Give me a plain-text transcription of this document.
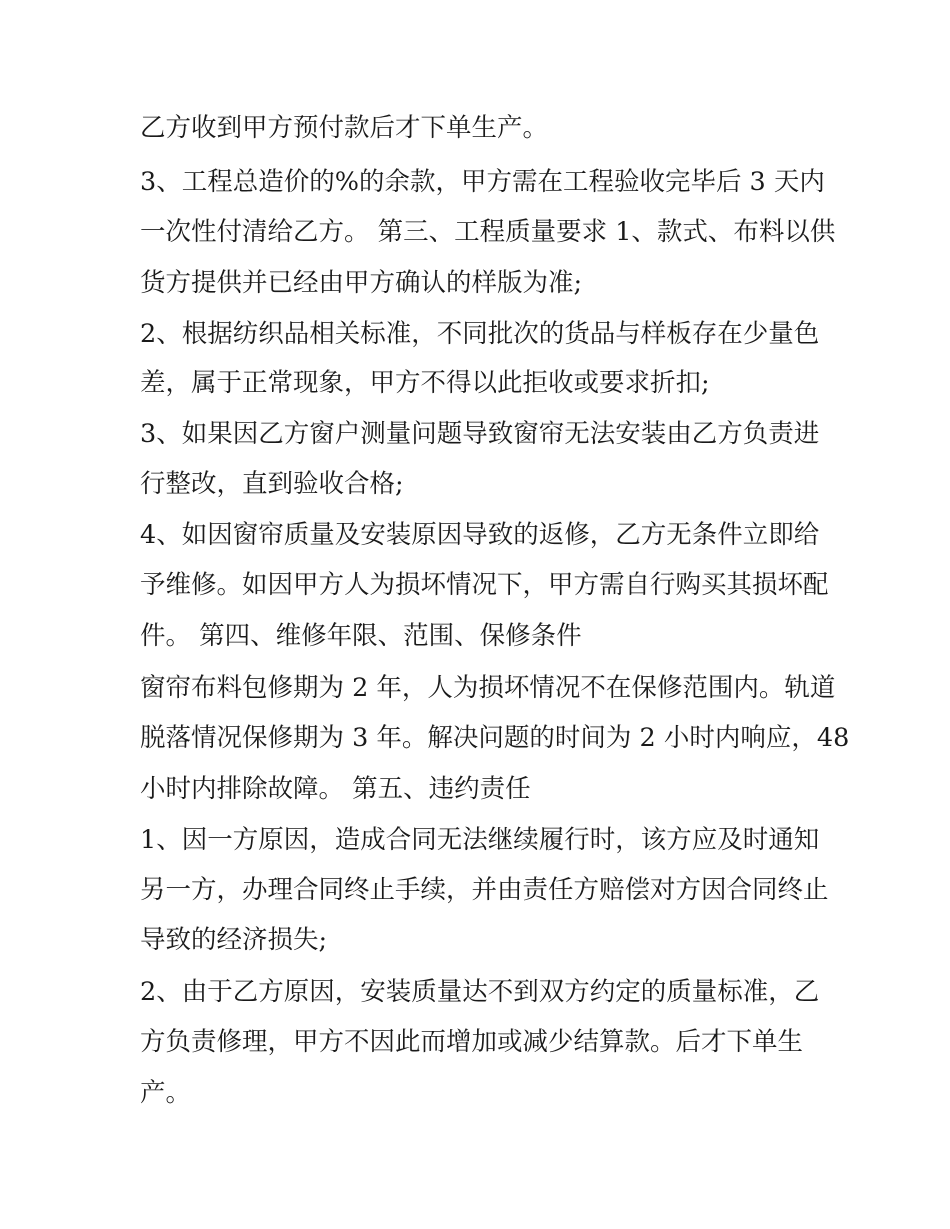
乙方收到甲方预付款后才下单生产。
3、工程总造价的%的余款，甲方需在工程验收完毕后 3 天内
一次性付清给乙方。 第三、工程质量要求 1、款式、布料以供
货方提供并已经由甲方确认的样版为准;
2、根据纺织品相关标准，不同批次的货品与样板存在少量色
差，属于正常现象，甲方不得以此拒收或要求折扣;
3、如果因乙方窗户测量问题导致窗帘无法安装由乙方负责进
行整改，直到验收合格;
4、如因窗帘质量及安装原因导致的返修，乙方无条件立即给
予维修。如因甲方人为损坏情况下，甲方需自行购买其损坏配
件。 第四、维修年限、范围、保修条件
窗帘布料包修期为 2 年，人为损坏情况不在保修范围内。轨道
脱落情况保修期为 3 年。解决问题的时间为 2 小时内响应，48
小时内排除故障。 第五、违约责任
1、因一方原因，造成合同无法继续履行时，该方应及时通知
另一方，办理合同终止手续，并由责任方赔偿对方因合同终止
导致的经济损失;
2、由于乙方原因，安装质量达不到双方约定的质量标准，乙
方负责修理，甲方不因此而增加或减少结算款。后才下单生
产。
